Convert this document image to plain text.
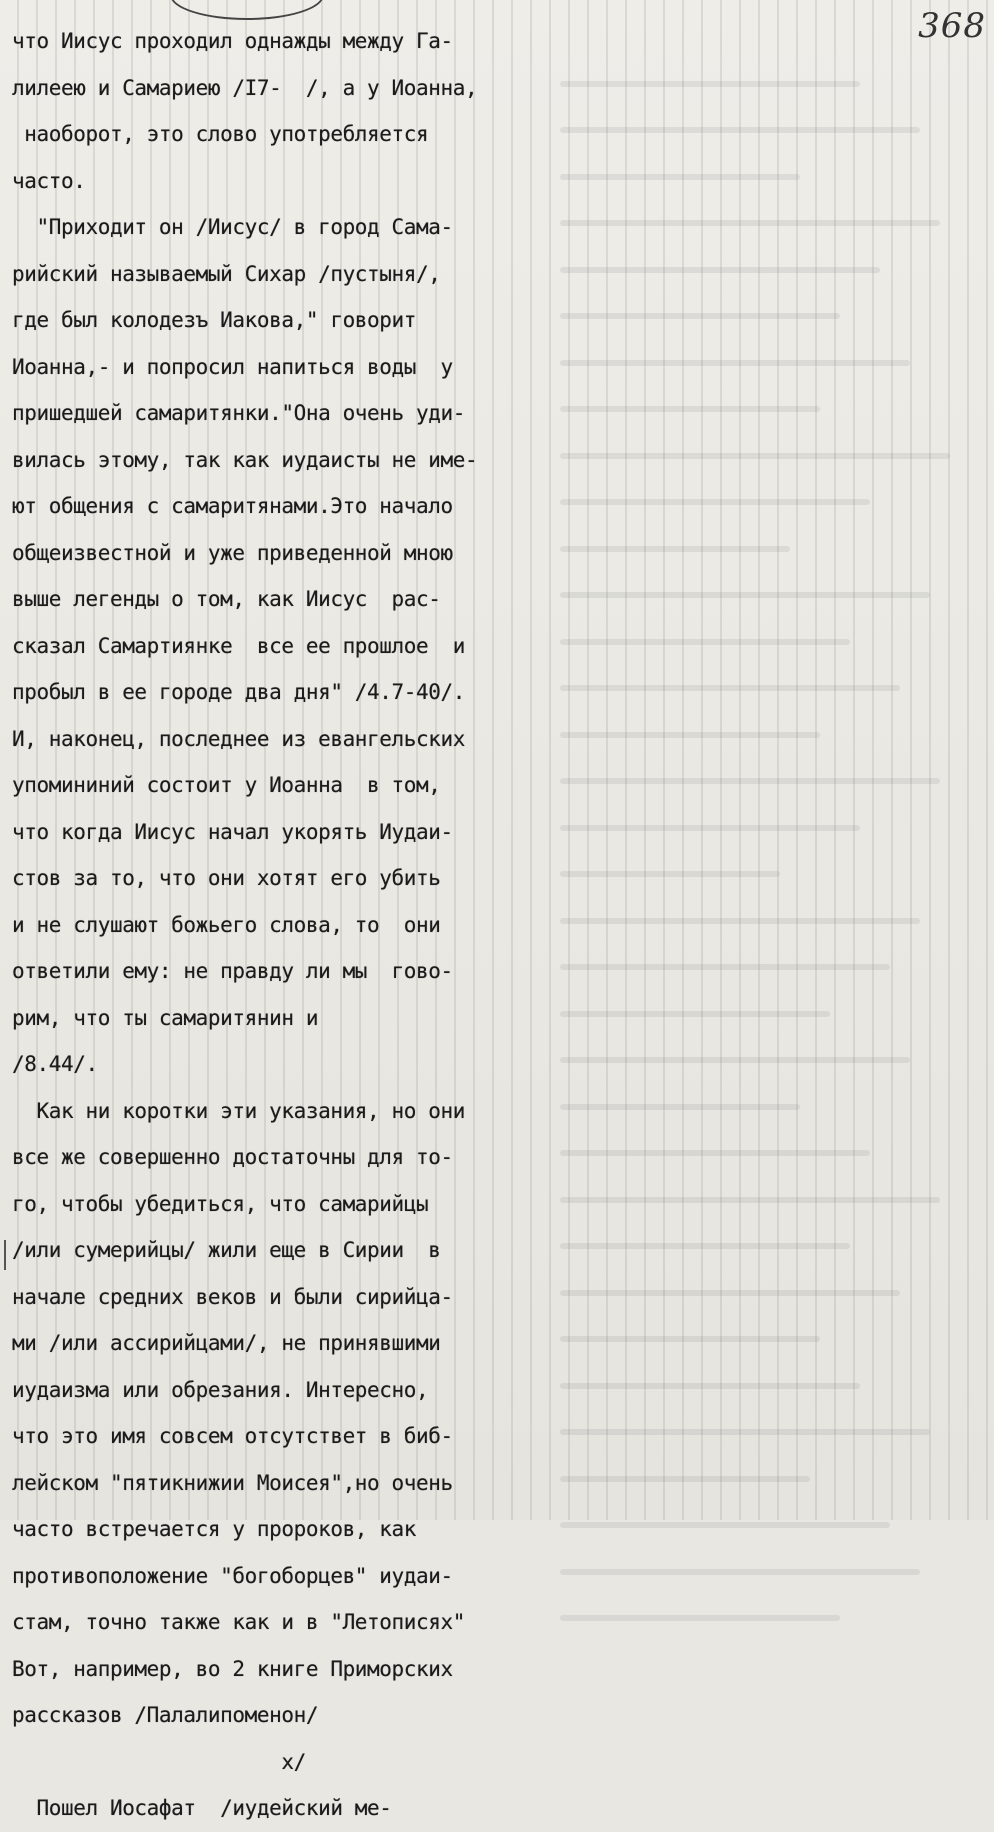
368
что Иисус проходил однажды между Га-
лилеею и Самариею /I7-  /, а у Иоанна,
наоборот, это слово употребляется
часто.
"Приходит он /Иисус/ в город Сама-
рийский называемый Сихар /пустыня/,
где был колодезъ Иакова," говорит
Иоанна,- и попросил напиться воды  у
пришедшей самаритянки."Она очень уди-
вилась этому, так как иудаисты не име-
ют общения с самаритянами.Это начало
общеизвестной и уже приведенной мною
выше легенды о том, как Иисус  рас-
сказал Самартиянке  все ее прошлое  и
пробыл в ее городе два дня" /4.7-40/.
И, наконец, последнее из евангельских
упомининий состоит у Иоанна  в том,
что когда Иисус начал укорять Иудаи-
стов за то, что они хотят его убить
и не слушают божьего слова, то  они
ответили ему: не правду ли мы  гово-
рим, что ты самаритянин и
/8.44/.
Как ни коротки эти указания, но они
все же совершенно достаточны для то-
го, чтобы убедиться, что самарийцы
/или сумерийцы/ жили еще в Сирии  в
начале средних веков и были сирийца-
ми /или ассирийцами/, не принявшими
иудаизма или обрезания. Интересно,
что это имя совсем отсутствет в биб-
лейском "пятикнижии Моисея",но очень
часто встречается у пророков, как
противоположение "богоборцев" иудаи-
стам, точно также как и в "Летописях"
Вот, например, во 2 книге Приморских
рассказов /Палалипоменон/
x/
Пошел Иосафат  /иудейский ме-
